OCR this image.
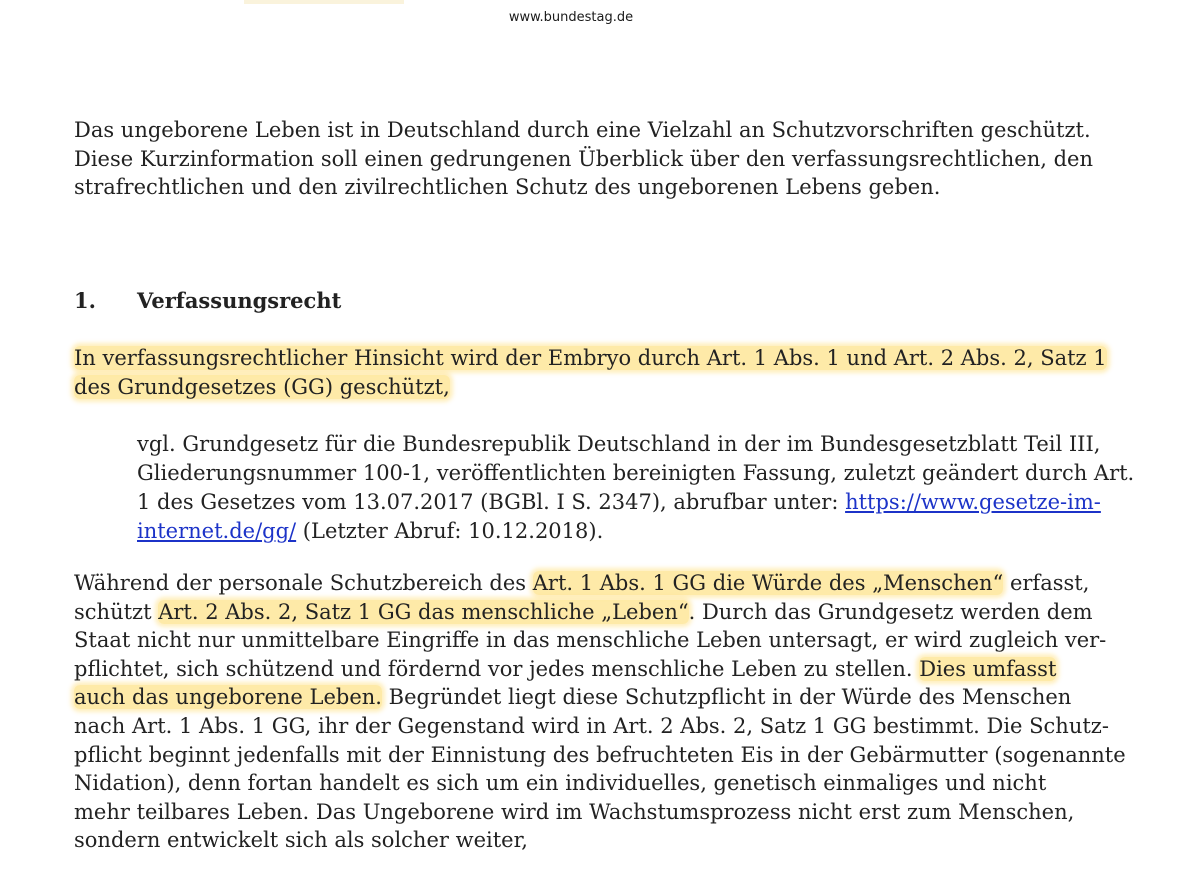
www.bundestag.de

Das ungeborene Leben ist in Deutschland durch eine Vielzahl an Schutzvorschriften geschützt. Diese Kurzinformation soll einen gedrungenen Überblick über den verfassungsrechtlichen, den strafrechtlichen und den zivilrechtlichen Schutz des ungeborenen Lebens geben.

1. Verfassungsrecht

In verfassungsrechtlicher Hinsicht wird der Embryo durch Art. 1 Abs. 1 und Art. 2 Abs. 2, Satz 1
des Grundgesetzes (GG) geschützt,

vgl. Grundgesetz für die Bundesrepublik Deutschland in der im Bundesgesetzblatt Teil III, Gliederungsnummer 100-1, veröffentlichten bereinigten Fassung, zuletzt geändert durch Art. 1 des Gesetzes vom 13.07.2017 (BGBl. I S. 2347), abrufbar unter: https://www.gesetze-im-internet.de/gg/ (Letzter Abruf: 10.12.2018).

Während der personale Schutzbereich des Art. 1 Abs. 1 GG die Würde des „Menschen“ erfasst,
schützt Art. 2 Abs. 2, Satz 1 GG das menschliche „Leben“. Durch das Grundgesetz werden dem
Staat nicht nur unmittelbare Eingriffe in das menschliche Leben untersagt, er wird zugleich ver-
pflichtet, sich schützend und fördernd vor jedes menschliche Leben zu stellen. Dies umfasst
auch das ungeborene Leben. Begründet liegt diese Schutzpflicht in der Würde des Menschen
nach Art. 1 Abs. 1 GG, ihr der Gegenstand wird in Art. 2 Abs. 2, Satz 1 GG bestimmt. Die Schutz-
pflicht beginnt jedenfalls mit der Einnistung des befruchteten Eis in der Gebärmutter (sogenannte
Nidation), denn fortan handelt es sich um ein individuelles, genetisch einmaliges und nicht
mehr teilbares Leben. Das Ungeborene wird im Wachstumsprozess nicht erst zum Menschen,
sondern entwickelt sich als solcher weiter,
